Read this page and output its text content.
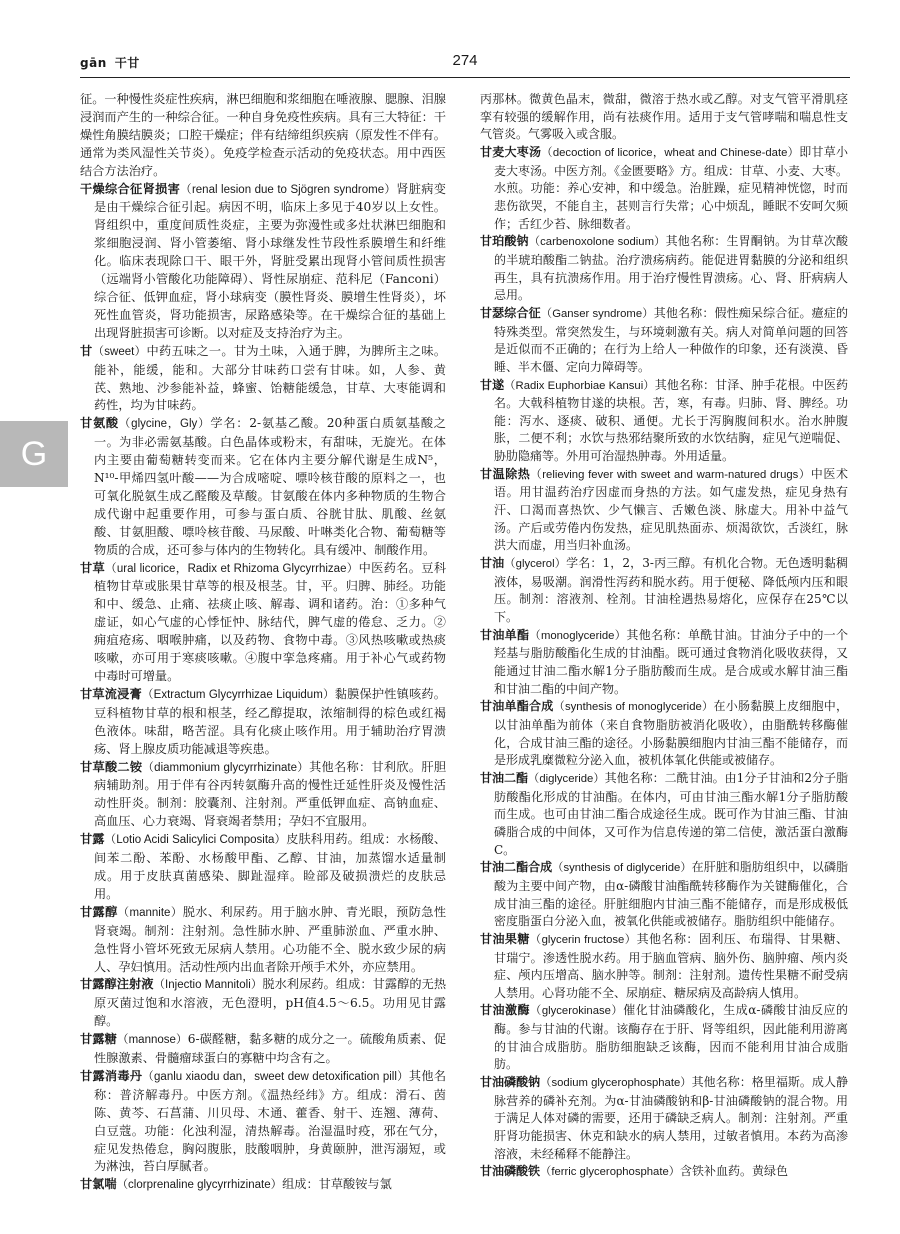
gān 干甘	274
G

征。一种慢性炎症性疾病，淋巴细胞和浆细胞在唾液腺、腮腺、泪腺浸润而产生的一种综合征。一种自身免疫性疾病。具有三大特征：干燥性角膜结膜炎；口腔干燥症；伴有结缔组织疾病（原发性不伴有。通常为类风湿性关节炎）。免疫学检查示活动的免疫状态。用中西医结合方法治疗。

干燥综合征肾损害（renal lesion due to Sjögren syndrome）肾脏病变是由干燥综合征引起。病因不明，临床上多见于40岁以上女性。肾组织中，重度间质性炎症，主要为弥漫性或多灶状淋巴细胞和浆细胞浸润、肾小管萎缩、肾小球继发性节段性系膜增生和纤维化。临床表现除口干、眼干外，肾脏受累出现肾小管间质性损害（远端肾小管酸化功能障碍）、肾性尿崩症、范科尼（Fanconi）综合征、低钾血症，肾小球病变（膜性肾炎、膜增生性肾炎），坏死性血管炎，肾功能损害，尿路感染等。在干燥综合征的基础上出现肾脏损害可诊断。以对症及支持治疗为主。

甘（sweet）中药五味之一。甘为土味，入通于脾，为脾所主之味。能补，能缓，能和。大部分甘味药口尝有甘味。如，人参、黄芪、熟地、沙参能补益，蜂蜜、饴糖能缓急，甘草、大枣能调和药性，均为甘味药。

甘氨酸（glycine，Gly）学名：2-氨基乙酸。20种蛋白质氨基酸之一。为非必需氨基酸。白色晶体或粉末，有甜味，无旋光。在体内主要由葡萄糖转变而来。它在体内主要分解代谢是生成N⁵，N¹⁰-甲烯四氢叶酸——为合成嘧啶、嘌呤核苷酸的原料之一，也可氧化脱氨生成乙醛酸及草酸。甘氨酸在体内多种物质的生物合成代谢中起重要作用，可参与蛋白质、谷胱甘肽、肌酸、丝氨酸、甘氨胆酸、嘌呤核苷酸、马尿酸、叶啉类化合物、葡萄糖等物质的合成，还可参与体内的生物转化。具有缓冲、制酸作用。

甘草（ural licorice，Radix et Rhizoma Glycyrrhizae）中医药名。豆科植物甘草或胀果甘草等的根及根茎。甘，平。归脾、肺经。功能和中、缓急、止痛、祛痰止咳、解毒、调和诸药。治：①多种气虚证，如心气虚的心悸怔忡、脉结代，脾气虚的倦怠、乏力。②痈疽疮疡、咽喉肿痛，以及药物、食物中毒。③风热咳嗽或热痰咳嗽，亦可用于寒痰咳嗽。④腹中挛急疼痛。用于补心气或药物中毒时可增量。

甘草流浸膏（Extractum Glycyrrhizae Liquidum）黏膜保护性镇咳药。豆科植物甘草的根和根茎，经乙醇提取，浓缩制得的棕色或红褐色液体。味甜，略苦涩。具有化痰止咳作用。用于辅助治疗胃溃疡、肾上腺皮质功能减退等疾患。

甘草酸二铵（diammonium glycyrrhizinate）其他名称：甘利欣。肝胆病辅助剂。用于伴有谷丙转氨酶升高的慢性迁延性肝炎及慢性活动性肝炎。制剂：胶囊剂、注射剂。严重低钾血症、高钠血症、高血压、心力衰竭、肾衰竭者禁用；孕妇不宜服用。

甘露（Lotio Acidi Salicylici Composita）皮肤科用药。组成：水杨酸、间苯二酚、苯酚、水杨酸甲酯、乙醇、甘油，加蒸馏水适量制成。用于皮肤真菌感染、脚趾湿痒。睑部及破损溃烂的皮肤忌用。

甘露醇（mannite）脱水、利尿药。用于脑水肿、青光眼，预防急性肾衰竭。制剂：注射剂。急性肺水肿、严重肺淤血、严重水肿、急性肾小管坏死致无尿病人禁用。心功能不全、脱水致少尿的病人、孕妇慎用。活动性颅内出血者除开颅手术外，亦应禁用。

甘露醇注射液（Injectio Mannitoli）脱水利尿药。组成：甘露醇的无热原灭菌过饱和水溶液，无色澄明，pH值4.5～6.5。功用见甘露醇。

甘露糖（mannose）6-碳醛糖，黏多糖的成分之一。硫酸角质素、促性腺激素、骨髓瘤球蛋白的寡糖中均含有之。

甘露消毒丹（ganlu xiaodu dan，sweet dew detoxification pill）其他名称：普济解毒丹。中医方剂。《温热经纬》方。组成：滑石、茵陈、黄芩、石菖蒲、川贝母、木通、藿香、射干、连翘、薄荷、白豆蔻。功能：化浊利湿，清热解毒。治湿温时疫，邪在气分，症见发热倦怠，胸闷腹胀，肢酸咽肿，身黄颐肿，泄泻溺短，或为淋浊，苔白厚腻者。

甘氯喘（clorprenaline glycyrrhizinate）组成：甘草酸铵与氯

丙那林。微黄色晶末，微甜，微溶于热水或乙醇。对支气管平滑肌痉挛有较强的缓解作用，尚有祛痰作用。适用于支气管哮喘和喘息性支气管炎。气雾吸入或含服。

甘麦大枣汤（decoction of licorice，wheat and Chinese-date）即甘草小麦大枣汤。中医方剂。《金匮要略》方。组成：甘草、小麦、大枣。水煎。功能：养心安神，和中缓急。治脏躁，症见精神恍惚，时而悲伤欲哭，不能自主，甚则言行失常；心中烦乱，睡眠不安呵欠频作；舌红少苔、脉细数者。

甘珀酸钠（carbenoxolone sodium）其他名称：生胃酮钠。为甘草次酸的半琥珀酸酯二钠盐。治疗溃疡病药。能促进胃黏膜的分泌和组织再生，具有抗溃疡作用。用于治疗慢性胃溃疡。心、肾、肝病病人忌用。

甘瑟综合征（Ganser syndrome）其他名称：假性痴呆综合征。癔症的特殊类型。常突然发生，与环境刺激有关。病人对简单问题的回答是近似而不正确的；在行为上给人一种做作的印象，还有淡漠、昏睡、半木僵、定向力障碍等。

甘遂（Radix Euphorbiae Kansui）其他名称：甘泽、肿手花根。中医药名。大戟科植物甘遂的块根。苦，寒，有毒。归肺、肾、脾经。功能：泻水、逐痰、破积、通便。尤长于泻胸腹间积水。治水肿腹胀，二便不利；水饮与热邪结聚所致的水饮结胸，症见气逆喘促、胁肋隐痛等。外用可治湿热肿毒。外用适量。

甘温除热（relieving fever with sweet and warm-natured drugs）中医术语。用甘温药治疗因虚而身热的方法。如气虚发热，症见身热有汗、口渴而喜热饮、少气懒言、舌嫩色淡、脉虚大。用补中益气汤。产后或劳倦内伤发热，症见肌热面赤、烦渴欲饮，舌淡红，脉洪大而虚，用当归补血汤。

甘油（glycerol）学名：1，2，3-丙三醇。有机化合物。无色透明黏稠液体，易吸潮。润滑性泻药和脱水药。用于便秘、降低颅内压和眼压。制剂：溶液剂、栓剂。甘油栓遇热易熔化，应保存在25℃以下。

甘油单酯（monoglyceride）其他名称：单酰甘油。甘油分子中的一个羟基与脂肪酸酯化生成的甘油酯。既可通过食物消化吸收获得，又能通过甘油二酯水解1分子脂肪酸而生成。是合成或水解甘油三酯和甘油二酯的中间产物。

甘油单酯合成（synthesis of monoglyceride）在小肠黏膜上皮细胞中，以甘油单酯为前体（来自食物脂肪被消化吸收），由脂酰转移酶催化，合成甘油三酯的途径。小肠黏膜细胞内甘油三酯不能储存，而是形成乳糜微粒分泌入血，被机体氧化供能或被储存。

甘油二酯（diglyceride）其他名称：二酰甘油。由1分子甘油和2分子脂肪酸酯化形成的甘油酯。在体内，可由甘油三酯水解1分子脂肪酸而生成。也可由甘油二酯合成途径生成。既可作为甘油三酯、甘油磷脂合成的中间体，又可作为信息传递的第二信使，激活蛋白激酶C。

甘油二酯合成（synthesis of diglyceride）在肝脏和脂肪组织中，以磷脂酸为主要中间产物，由α-磷酸甘油酯酰转移酶作为关键酶催化，合成甘油三酯的途径。肝脏细胞内甘油三酯不能储存，而是形成极低密度脂蛋白分泌入血，被氧化供能或被储存。脂肪组织中能储存。

甘油果糖（glycerin fructose）其他名称：固利压、布瑞得、甘果糖、甘瑞宁。渗透性脱水药。用于脑血管病、脑外伤、脑肿瘤、颅内炎症、颅内压增高、脑水肿等。制剂：注射剂。遗传性果糖不耐受病人禁用。心肾功能不全、尿崩症、糖尿病及高龄病人慎用。

甘油激酶（glycerokinase）催化甘油磷酸化，生成α-磷酸甘油反应的酶。参与甘油的代谢。该酶存在于肝、肾等组织，因此能利用游离的甘油合成脂肪。脂肪细胞缺乏该酶，因而不能利用甘油合成脂肪。

甘油磷酸钠（sodium glycerophosphate）其他名称：格里福斯。成人静脉营养的磷补充剂。为α-甘油磷酸钠和β-甘油磷酸钠的混合物。用于满足人体对磷的需要，还用于磷缺乏病人。制剂：注射剂。严重肝肾功能损害、休克和缺水的病人禁用，过敏者慎用。本药为高渗溶液，未经稀释不能静注。

甘油磷酸铁（ferric glycerophosphate）含铁补血药。黄绿色
